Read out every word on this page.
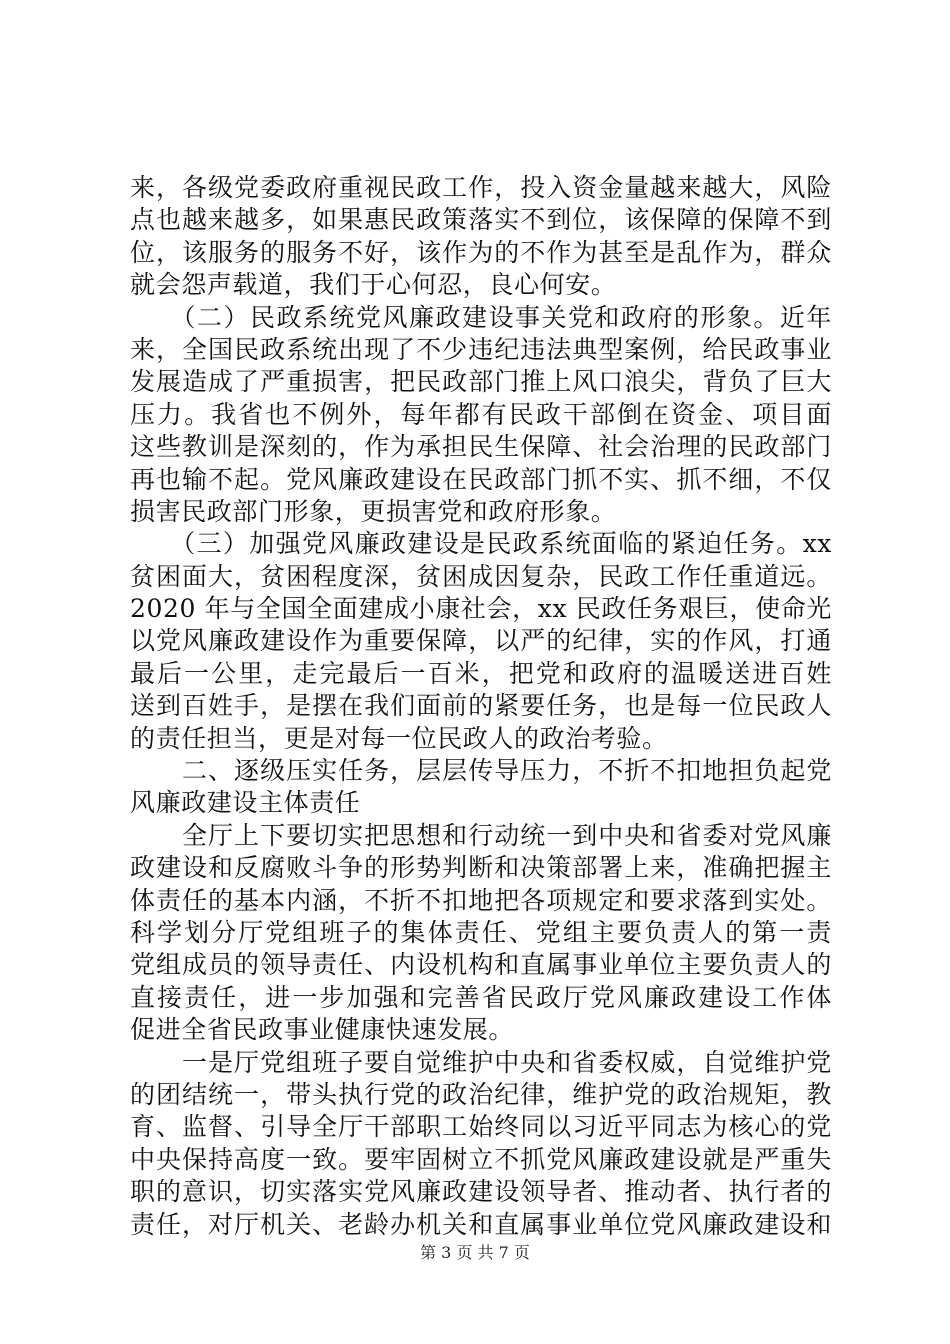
来，各级党委政府重视民政工作，投入资金量越来越大，风险
点也越来越多，如果惠民政策落实不到位，该保障的保障不到
位，该服务的服务不好，该作为的不作为甚至是乱作为，群众
就会怨声载道，我们于心何忍，良心何安。
　　（二）民政系统党风廉政建设事关党和政府的形象。近年
来，全国民政系统出现了不少违纪违法典型案例，给民政事业
发展造成了严重损害，把民政部门推上风口浪尖，背负了巨大
压力。我省也不例外，每年都有民政干部倒在资金、项目面
这些教训是深刻的，作为承担民生保障、社会治理的民政部门
再也输不起。党风廉政建设在民政部门抓不实、抓不细，不仅
损害民政部门形象，更损害党和政府形象。
　　（三）加强党风廉政建设是民政系统面临的紧迫任务。xx
贫困面大，贫困程度深，贫困成因复杂，民政工作任重道远。
2020 年与全国全面建成小康社会，xx 民政任务艰巨，使命光
以党风廉政建设作为重要保障，以严的纪律，实的作风，打通
最后一公里，走完最后一百米，把党和政府的温暖送进百姓
送到百姓手，是摆在我们面前的紧要任务，也是每一位民政人
的责任担当，更是对每一位民政人的政治考验。
　　二、逐级压实任务，层层传导压力，不折不扣地担负起党
风廉政建设主体责任
　　全厅上下要切实把思想和行动统一到中央和省委对党风廉
政建设和反腐败斗争的形势判断和决策部署上来，准确把握主
体责任的基本内涵，不折不扣地把各项规定和要求落到实处。
科学划分厅党组班子的集体责任、党组主要负责人的第一责
党组成员的领导责任、内设机构和直属事业单位主要负责人的
直接责任，进一步加强和完善省民政厅党风廉政建设工作体
促进全省民政事业健康快速发展。
　　一是厅党组班子要自觉维护中央和省委权威，自觉维护党
的团结统一，带头执行党的政治纪律，维护党的政治规矩，教
育、监督、引导全厅干部职工始终同以习近平同志为核心的党
中央保持高度一致。要牢固树立不抓党风廉政建设就是严重失
职的意识，切实落实党风廉政建设领导者、推动者、执行者的
责任，对厅机关、老龄办机关和直属事业单位党风廉政建设和
第 3 页 共 7 页
